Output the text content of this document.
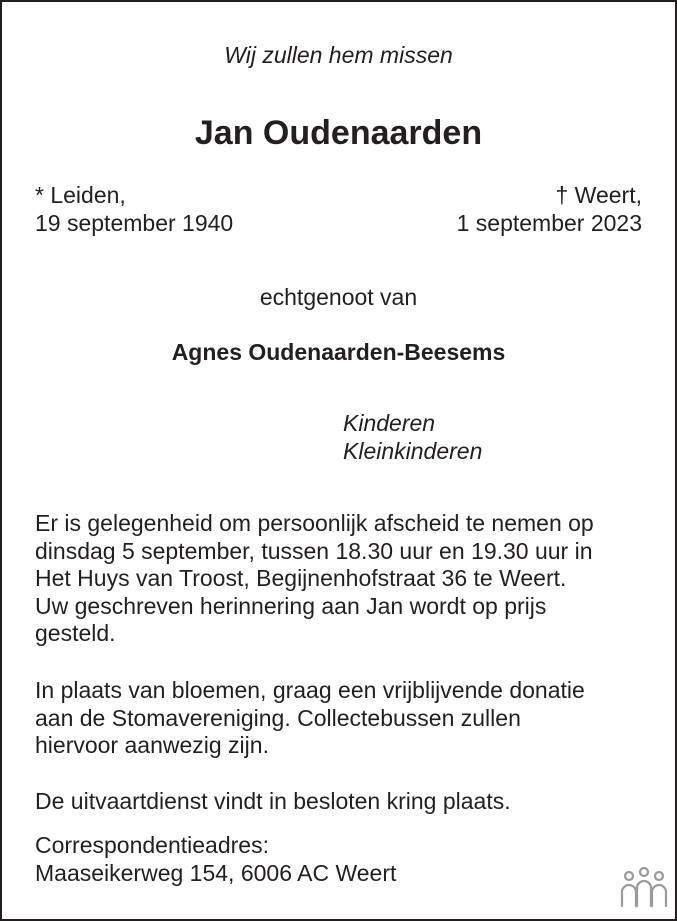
Wij zullen hem missen

Jan Oudenaarden

* Leiden,

19 september 1940

† Weert,

1 september 2023

echtgenoot van

Agnes Oudenaarden-Beesems

Kinderen

Kleinkinderen

Er is gelegenheid om persoonlijk afscheid te nemen op
dinsdag 5 september, tussen 18.30 uur en 19.30 uur in
Het Huys van Troost, Begijnenhofstraat 36 te Weert.
Uw geschreven herinnering aan Jan wordt op prijs
gesteld.
In plaats van bloemen, graag een vrijblijvende donatie
aan de Stomavereniging. Collectebussen zullen
hiervoor aanwezig zijn.
De uitvaartdienst vindt in besloten kring plaats.
Correspondentieadres:
Maaseikerweg 154, 6006 AC Weert
